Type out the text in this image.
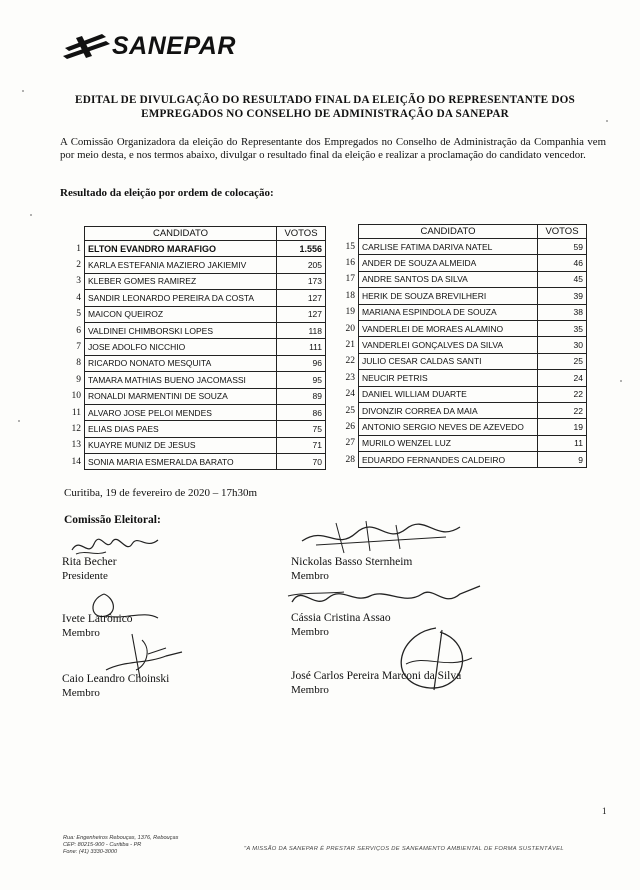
SANEPAR
EDITAL DE DIVULGAÇÃO DO RESULTADO FINAL DA ELEIÇÃO DO REPRESENTANTE DOS
EMPREGADOS NO CONSELHO DE ADMINISTRAÇÃO DA SANEPAR
A Comissão Organizadora da eleição do Representante dos Empregados no Conselho de Administração da Companhia vem por meio desta, e nos termos abaixo, divulgar o resultado final da eleição e realizar a proclamação do candidato vencedor.
Resultado da eleição por ordem de colocação:
	CANDIDATO	VOTOS
1	ELTON EVANDRO MARAFIGO	1.556
2	KARLA ESTEFANIA MAZIERO JAKIEMIV	205
3	KLEBER GOMES RAMIREZ	173
4	SANDIR LEONARDO PEREIRA DA COSTA	127
5	MAICON QUEIROZ	127
6	VALDINEI CHIMBORSKI LOPES	118
7	JOSE ADOLFO NICCHIO	111
8	RICARDO NONATO MESQUITA	96
9	TAMARA MATHIAS BUENO JACOMASSI	95
10	RONALDI MARMENTINI DE SOUZA	89
11	ALVARO JOSE PELOI MENDES	86
12	ELIAS DIAS PAES	75
13	KUAYRE MUNIZ DE JESUS	71
14	SONIA MARIA ESMERALDA BARATO	70
	CANDIDATO	VOTOS
15	CARLISE FATIMA DARIVA NATEL	59
16	ANDER DE SOUZA ALMEIDA	46
17	ANDRE SANTOS DA SILVA	45
18	HERIK DE SOUZA BREVILHERI	39
19	MARIANA ESPINDOLA DE SOUZA	38
20	VANDERLEI DE MORAES ALAMINO	35
21	VANDERLEI GONÇALVES DA SILVA	30
22	JULIO CESAR CALDAS SANTI	25
23	NEUCIR PETRIS	24
24	DANIEL WILLIAM DUARTE	22
25	DIVONZIR CORREA DA MAIA	22
26	ANTONIO SERGIO NEVES DE AZEVEDO	19
27	MURILO WENZEL LUZ	11
28	EDUARDO FERNANDES CALDEIRO	9
Curitiba, 19 de fevereiro de 2020 – 17h30m
Comissão Eleitoral:
Rita Becher
Presidente
Ivete Latrônico
Membro
Caio Leandro Choinski
Membro
Nickolas Basso Sternheim
Membro
Cássia Cristina Assao
Membro
José Carlos Pereira Marconi da Silva
Membro
1
Rua: Engenheiros Rebouças, 1376, Rebouças
CEP: 80215-900 - Curitiba - PR
Fone: (41) 3330-3000	"A MISSÃO DA SANEPAR É PRESTAR SERVIÇOS DE SANEAMENTO AMBIENTAL DE FORMA SUSTENTÁVEL
